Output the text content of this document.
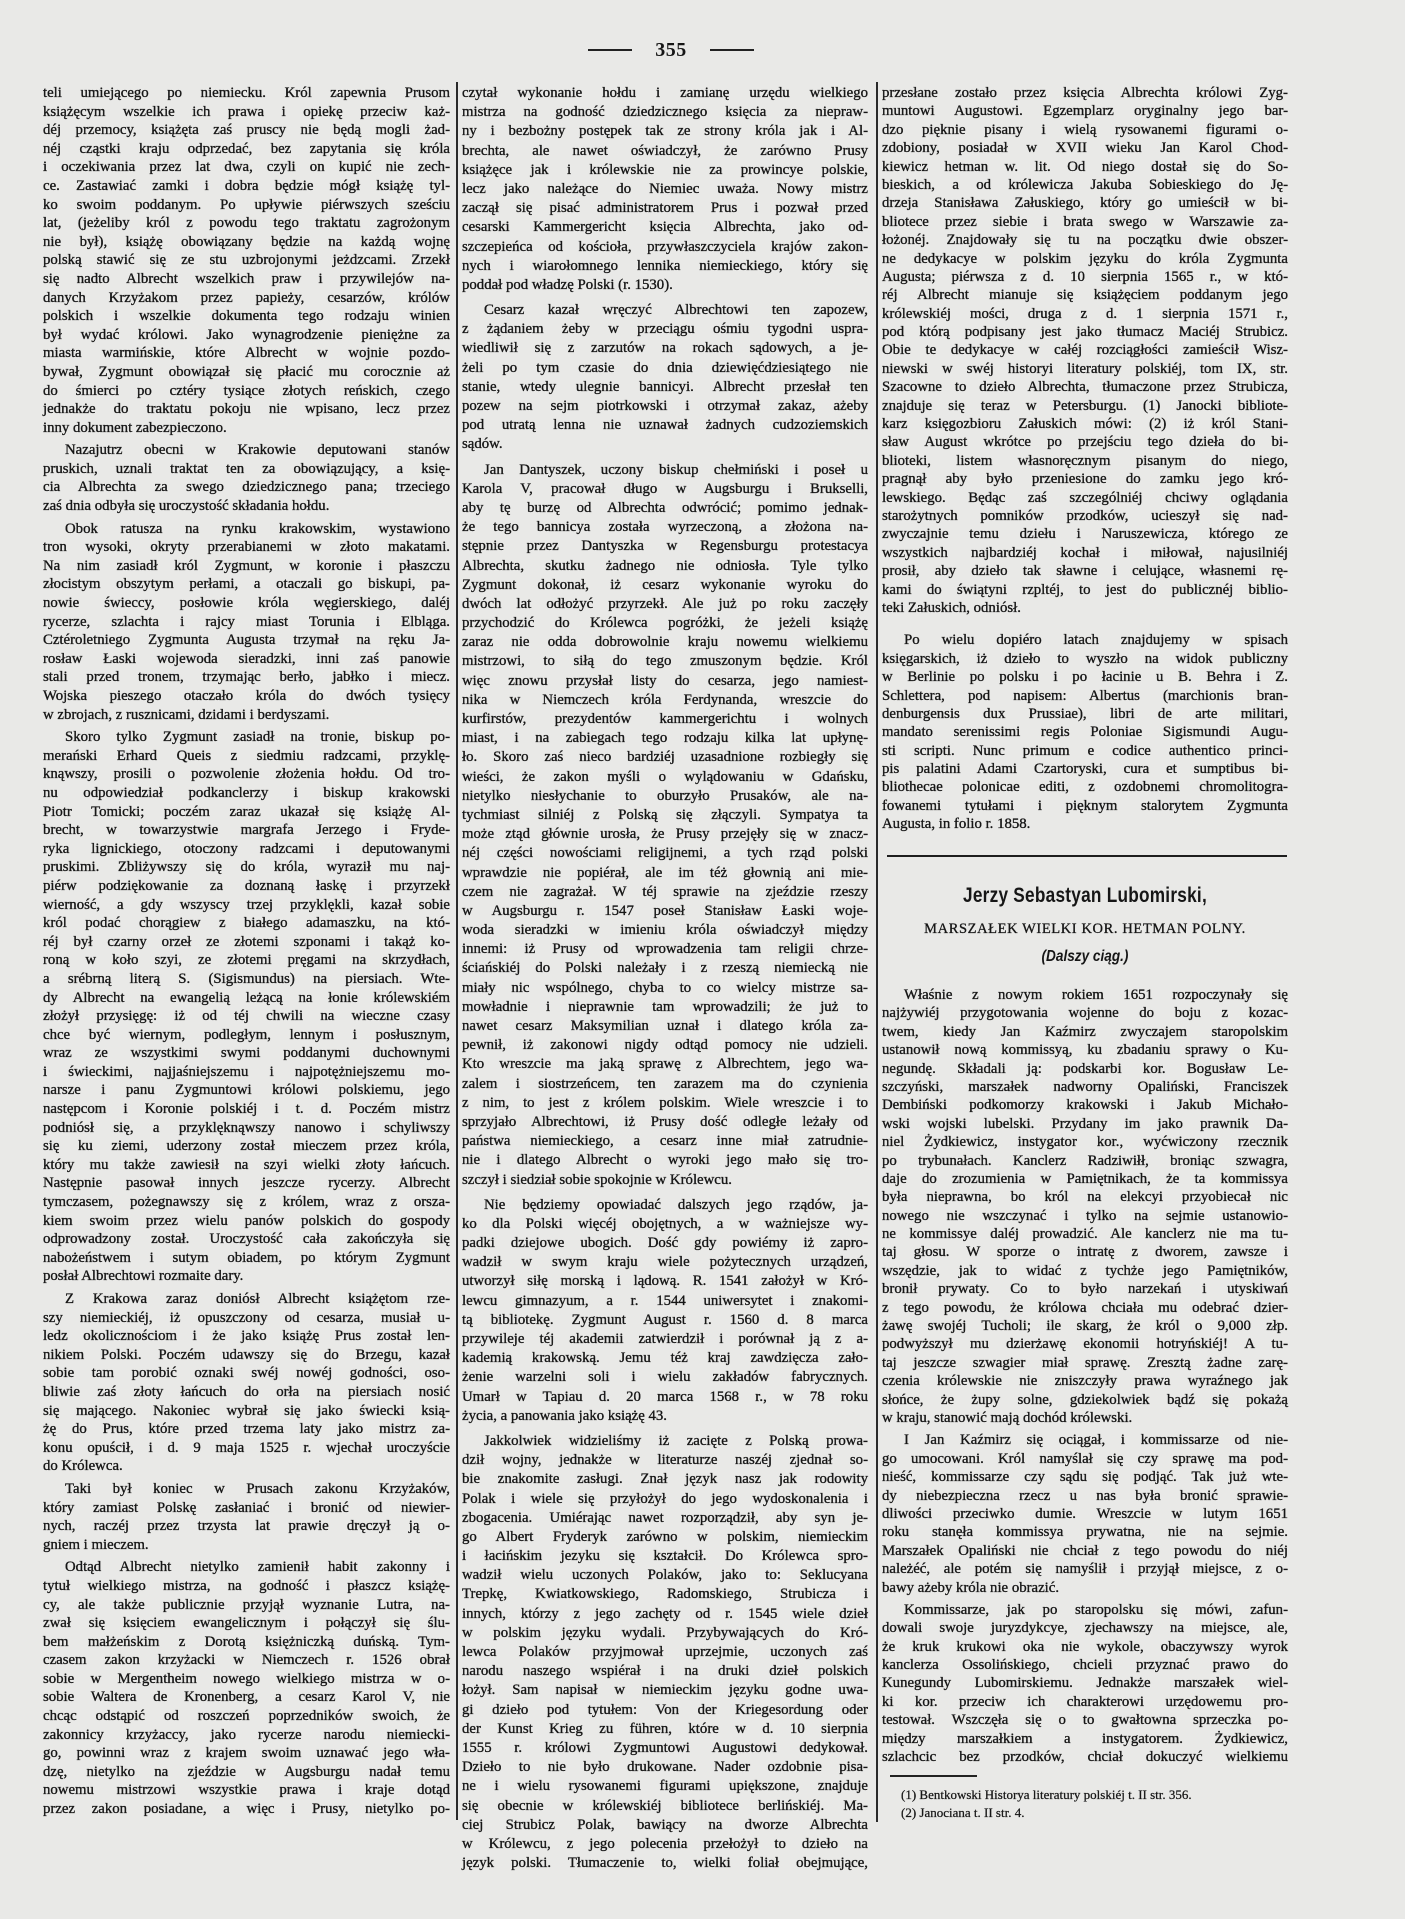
355
teli umiejącego po niemiecku. Król zapewnia Prusom
książęcym wszelkie ich prawa i opiekę przeciw każ-
déj przemocy, książęta zaś pruscy nie będą mogli żad-
néj cząstki kraju odprzedać, bez zapytania się króla
i oczekiwania przez lat dwa, czyli on kupić nie zech-
ce. Zastawiać zamki i dobra będzie mógł książę tyl-
ko swoim poddanym. Po upływie piérwszych sześciu
lat, (jeżeliby król z powodu tego traktatu zagrożonym
nie był), książę obowiązany będzie na każdą wojnę
polską stawić się ze stu uzbrojonymi jeżdzcami. Zrzekł
się nadto Albrecht wszelkich praw i przywilejów na-
danych Krzyżakom przez papieży, cesarzów, królów
polskich i wszelkie dokumenta tego rodzaju winien
był wydać królowi. Jako wynagrodzenie pieniężne za
miasta warmińskie, które Albrecht w wojnie pozdo-
bywał, Zygmunt obowiązał się płacić mu corocznie aż
do śmierci po cztéry tysiące złotych reńskich, czego
jednakże do traktatu pokoju nie wpisano, lecz przez
inny dokument zabezpieczono.
Nazajutrz obecni w Krakowie deputowani stanów
pruskich, uznali traktat ten za obowiązujący, a księ-
cia Albrechta za swego dziedzicznego pana; trzeciego
zaś dnia odbyła się uroczystość składania hołdu.
Obok ratusza na rynku krakowskim, wystawiono
tron wysoki, okryty przerabianemi w złoto makatami.
Na nim zasiadł król Zygmunt, w koronie i płaszczu
złocistym obszytym perłami, a otaczali go biskupi, pa-
nowie świeccy, posłowie króla węgierskiego, daléj
rycerze, szlachta i rajcy miast Torunia i Elbląga.
Cztéroletniego Zygmunta Augusta trzymał na ręku Ja-
rosław Łaski wojewoda sieradzki, inni zaś panowie
stali przed tronem, trzymając berło, jabłko i miecz.
Wojska pieszego otaczało króla do dwóch tysięcy
w zbrojach, z rusznicami, dzidami i berdyszami.
Skoro tylko Zygmunt zasiadł na tronie, biskup po-
merański Erhard Queis z siedmiu radzcami, przyklę-
knąwszy, prosili o pozwolenie złożenia hołdu. Od tro-
nu odpowiedział podkanclerzy i biskup krakowski
Piotr Tomicki; poczém zaraz ukazał się książę Al-
brecht, w towarzystwie margrafa Jerzego i Fryde-
ryka lignickiego, otoczony radzcami i deputowanymi
pruskimi. Zbliżywszy się do króla, wyraził mu naj-
piérw podziękowanie za doznaną łaskę i przyrzekł
wierność, a gdy wszyscy trzej przyklękli, kazał sobie
król podać chorągiew z białego adamaszku, na któ-
réj był czarny orzeł ze złotemi szponami i takąż ko-
roną w koło szyi, ze złotemi pręgami na skrzydłach,
a srébrną literą S. (Sigismundus) na piersiach. Wte-
dy Albrecht na ewangelią leżącą na łonie królewskiém
złożył przysięgę: iż od téj chwili na wieczne czasy
chce być wiernym, podległym, lennym i posłusznym,
wraz ze wszystkimi swymi poddanymi duchownymi
i świeckimi, najjaśniejszemu i najpotężniejszemu mo-
narsze i panu Zygmuntowi królowi polskiemu, jego
następcom i Koronie polskiéj i t. d. Poczém mistrz
podniósł się, a przyklęknąwszy nanowo i schyliwszy
się ku ziemi, uderzony został mieczem przez króla,
który mu także zawiesił na szyi wielki złoty łańcuch.
Następnie pasował innych jeszcze rycerzy. Albrecht
tymczasem, pożegnawszy się z królem, wraz z orsza-
kiem swoim przez wielu panów polskich do gospody
odprowadzony został. Uroczystość cała zakończyła się
nabożeństwem i sutym obiadem, po którym Zygmunt
posłał Albrechtowi rozmaite dary.
Z Krakowa zaraz doniósł Albrecht książętom rze-
szy niemieckiéj, iż opuszczony od cesarza, musiał u-
ledz okolicznościom i że jako książę Prus został len-
nikiem Polski. Poczém udawszy się do Brzegu, kazał
sobie tam porobić oznaki swéj nowéj godności, oso-
bliwie zaś złoty łańcuch do orła na piersiach nosić
się mającego. Nakoniec wybrał się jako świecki ksią-
żę do Prus, które przed trzema laty jako mistrz za-
konu opuścił, i d. 9 maja 1525 r. wjechał uroczyście
do Królewca.
Taki był koniec w Prusach zakonu Krzyżaków,
który zamiast Polskę zasłaniać i bronić od niewier-
nych, raczéj przez trzysta lat prawie dręczył ją o-
gniem i mieczem.
Odtąd Albrecht nietylko zamienił habit zakonny i
tytuł wielkiego mistrza, na godność i płaszcz książę-
cy, ale także publicznie przyjął wyznanie Lutra, na-
zwał się księciem ewangelicznym i połączył się ślu-
bem małżeńskim z Dorotą księżniczką duńską. Tym-
czasem zakon krzyżacki w Niemczech r. 1526 obrał
sobie w Mergentheim nowego wielkiego mistrza w o-
sobie Waltera de Kronenberg, a cesarz Karol V, nie
chcąc odstąpić od roszczeń poprzedników swoich, że
zakonnicy krzyżaccy, jako rycerze narodu niemiecki-
go, powinni wraz z krajem swoim uznawać jego wła-
dzę, nietylko na zjeździe w Augsburgu nadał temu
nowemu mistrzowi wszystkie prawa i kraje dotąd
przez zakon posiadane, a więc i Prusy, nietylko po-
czytał wykonanie hołdu i zamianę urzędu wielkiego
mistrza na godność dziedzicznego księcia za niepraw-
ny i bezbożny postępek tak ze strony króla jak i Al-
brechta, ale nawet oświadczył, że zarówno Prusy
książęce jak i królewskie nie za prowincye polskie,
lecz jako należące do Niemiec uważa. Nowy mistrz
zaczął się pisać administratorem Prus i pozwał przed
cesarski Kammergericht księcia Albrechta, jako od-
szczepieńca od kościoła, przywłaszczyciela krajów zakon-
nych i wiarołomnego lennika niemieckiego, który się
poddał pod władzę Polski (r. 1530).
Cesarz kazał wręczyć Albrechtowi ten zapozew,
z żądaniem żeby w przeciągu ośmiu tygodni uspra-
wiedliwił się z zarzutów na rokach sądowych, a je-
żeli po tym czasie do dnia dziewięćdziesiątego nie
stanie, wtedy ulegnie bannicyi. Albrecht przesłał ten
pozew na sejm piotrkowski i otrzymał zakaz, ażeby
pod utratą lenna nie uznawał żadnych cudzoziemskich
sądów.
Jan Dantyszek, uczony biskup chełmiński i poseł u
Karola V, pracował długo w Augsburgu i Brukselli,
aby tę burzę od Albrechta odwrócić; pomimo jednak-
że tego bannicya została wyrzeczoną, a złożona na-
stępnie przez Dantyszka w Regensburgu protestacya
Albrechta, skutku żadnego nie odniosła. Tyle tylko
Zygmunt dokonał, iż cesarz wykonanie wyroku do
dwóch lat odłożyć przyrzekł. Ale już po roku zaczęły
przychodzić do Królewca pogróżki, że jeżeli książę
zaraz nie odda dobrowolnie kraju nowemu wielkiemu
mistrzowi, to siłą do tego zmuszonym będzie. Król
więc znowu przysłał listy do cesarza, jego namiest-
nika w Niemczech króla Ferdynanda, wreszcie do
kurfirstów, prezydentów kammergerichtu i wolnych
miast, i na zabiegach tego rodzaju kilka lat upłynę-
ło. Skoro zaś nieco bardziéj uzasadnione rozbiegły się
wieści, że zakon myśli o wylądowaniu w Gdańsku,
nietylko niesłychanie to oburzyło Prusaków, ale na-
tychmiast silniéj z Polską się złączyli. Sympatya ta
może ztąd głównie urosła, że Prusy przejęły się w znacz-
néj części nowościami religijnemi, a tych rząd polski
wprawdzie nie popiérał, ale im téż głownią ani mie-
czem nie zagrażał. W téj sprawie na zjeździe rzeszy
w Augsburgu r. 1547 poseł Stanisław Łaski woje-
woda sieradzki w imieniu króla oświadczył między
innemi: iż Prusy od wprowadzenia tam religii chrze-
ściańskiéj do Polski należały i z rzeszą niemiecką nie
miały nic wspólnego, chyba to co wielcy mistrze sa-
mowładnie i nieprawnie tam wprowadzili; że już to
nawet cesarz Maksymilian uznał i dlatego króla za-
pewnił, iż zakonowi nigdy odtąd pomocy nie udzieli.
Kto wreszcie ma jaką sprawę z Albrechtem, jego wa-
zalem i siostrzeńcem, ten zarazem ma do czynienia
z nim, to jest z królem polskim. Wiele wreszcie i to
sprzyjało Albrechtowi, iż Prusy dość odległe leżały od
państwa niemieckiego, a cesarz inne miał zatrudnie-
nie i dlatego Albrecht o wyroki jego mało się tro-
szczył i siedział sobie spokojnie w Królewcu.
Nie będziemy opowiadać dalszych jego rządów, ja-
ko dla Polski więcéj obojętnych, a w ważniejsze wy-
padki dziejowe ubogich. Dość gdy powiémy iż zapro-
wadził w swym kraju wiele pożytecznych urządzeń,
utworzył siłę morską i lądową. R. 1541 założył w Kró-
lewcu gimnazyum, a r. 1544 uniwersytet i znakomi-
tą bibliotekę. Zygmunt August r. 1560 d. 8 marca
przywileje téj akademii zatwierdził i porównał ją z a-
kademią krakowską. Jemu téż kraj zawdzięcza zało-
żenie warzelni soli i wielu zakładów fabrycznych.
Umarł w Tapiau d. 20 marca 1568 r., w 78 roku
życia, a panowania jako książę 43.
Jakkolwiek widzieliśmy iż zacięte z Polską prowa-
dził wojny, jednakże w literaturze naszéj zjednał so-
bie znakomite zasługi. Znał język nasz jak rodowity
Polak i wiele się przyłożył do jego wydoskonalenia i
zbogacenia. Umiérając nawet rozporządził, aby syn je-
go Albert Fryderyk zarówno w polskim, niemieckim
i łacińskim jezyku się kształcił. Do Królewca spro-
wadził wielu uczonych Polaków, jako to: Seklucyana
Trepkę, Kwiatkowskiego, Radomskiego, Strubicza i
innych, którzy z jego zachęty od r. 1545 wiele dzieł
w polskim języku wydali. Przybywających do Kró-
lewca Polaków przyjmował uprzejmie, uczonych zaś
narodu naszego wspiérał i na druki dzieł polskich
łożył. Sam napisał w niemieckim języku godne uwa-
gi dzieło pod tytułem: Von der Kriegesordung oder
der Kunst Krieg zu führen, które w d. 10 sierpnia
1555 r. królowi Zygmuntowi Augustowi dedykował.
Dzieło to nie było drukowane. Nader ozdobnie pisa-
ne i wielu rysowanemi figurami upiększone, znajduje
się obecnie w królewskiéj bibliotece berlińskiéj. Ma-
ciej Strubicz Polak, bawiący na dworze Albrechta
w Królewcu, z jego polecenia przełożył to dzieło na
język polski. Tłumaczenie to, wielki foliał obejmujące,
przesłane zostało przez księcia Albrechta królowi Zyg-
muntowi Augustowi. Egzemplarz oryginalny jego bar-
dzo pięknie pisany i wielą rysowanemi figurami o-
zdobiony, posiadał w XVII wieku Jan Karol Chod-
kiewicz hetman w. lit. Od niego dostał się do So-
bieskich, a od królewicza Jakuba Sobieskiego do Ję-
drzeja Stanisława Załuskiego, który go umieścił w bi-
bliotece przez siebie i brata swego w Warszawie za-
łożonéj. Znajdowały się tu na początku dwie obszer-
ne dedykacye w polskim języku do króla Zygmunta
Augusta; piérwsza z d. 10 sierpnia 1565 r., w któ-
réj Albrecht mianuje się książęciem poddanym jego
królewskiéj mości, druga z d. 1 sierpnia 1571 r.,
pod którą podpisany jest jako tłumacz Maciéj Strubicz.
Obie te dedykacye w całéj rozciągłości zamieścił Wisz-
niewski w swéj historyi literatury polskiéj, tom IX, str.
Szacowne to dzieło Albrechta, tłumaczone przez Strubicza,
znajduje się teraz w Petersburgu. (1) Janocki bibliote-
karz księgozbioru Załuskich mówi: (2) iż król Stani-
sław August wkrótce po przejściu tego dzieła do bi-
blioteki, listem własnoręcznym pisanym do niego,
pragnął aby było przeniesione do zamku jego kró-
lewskiego. Będąc zaś szczególniéj chciwy oglądania
starożytnych pomników przodków, ucieszył się nad-
zwyczajnie temu dziełu i Naruszewicza, którego ze
wszystkich najbardziéj kochał i miłował, najusilniéj
prosił, aby dzieło tak sławne i celujące, własnemi rę-
kami do świątyni rzpltéj, to jest do publicznéj biblio-
teki Załuskich, odniósł.
Po wielu dopiéro latach znajdujemy w spisach
księgarskich, iż dzieło to wyszło na widok publiczny
w Berlinie po polsku i po łacinie u B. Behra i Z.
Schlettera, pod napisem: Albertus (marchionis bran-
denburgensis dux Prussiae), libri de arte militari,
mandato serenissimi regis Poloniae Sigismundi Augu-
sti scripti. Nunc primum e codice authentico princi-
pis palatini Adami Czartoryski, cura et sumptibus bi-
bliothecae polonicae editi, z ozdobnemi chromolitogra-
fowanemi tytułami i pięknym stalorytem Zygmunta
Augusta, in folio r. 1858.
Jerzy Sebastyan Lubomirski,
MARSZAŁEK WIELKI KOR. HETMAN POLNY.
(Dalszy ciąg.)
Właśnie z nowym rokiem 1651 rozpoczynały się
najżywiéj przygotowania wojenne do boju z kozac-
twem, kiedy Jan Kaźmirz zwyczajem staropolskim
ustanowił nową kommissyą, ku zbadaniu sprawy o Ku-
negundę. Składali ją: podskarbi kor. Bogusław Le-
szczyński, marszałek nadworny Opaliński, Franciszek
Dembiński podkomorzy krakowski i Jakub Michało-
wski wojski lubelski. Przydany im jako prawnik Da-
niel Żydkiewicz, instygator kor., wyćwiczony rzecznik
po trybunałach. Kanclerz Radziwiłł, broniąc szwagra,
daje do zrozumienia w Pamiętnikach, że ta kommissya
była nieprawna, bo król na elekcyi przyobiecał nic
nowego nie wszczynać i tylko na sejmie ustanowio-
ne kommissye daléj prowadzić. Ale kanclerz nie ma tu-
taj głosu. W sporze o intratę z dworem, zawsze i
wszędzie, jak to widać z tychże jego Pamiętników,
bronił prywaty. Co to było narzekań i utyskiwań
z tego powodu, że królowa chciała mu odebrać dzier-
żawę swojéj Tucholi; ile skarg, że król o 9,000 złp.
podwyższył mu dzierżawę ekonomii hotryńskiéj! A tu-
taj jeszcze szwagier miał sprawę. Zresztą żadne zarę-
czenia królewskie nie zniszczyły prawa wyraźnego jak
słońce, że żupy solne, gdziekolwiek bądź się pokażą
w kraju, stanowić mają dochód królewski.
I Jan Kaźmirz się ociągał, i kommissarze od nie-
go umocowani. Król namyślał się czy sprawę ma pod-
nieść, kommissarze czy sądu się podjąć. Tak już wte-
dy niebezpieczna rzecz u nas była bronić sprawie-
dliwości przeciwko dumie. Wreszcie w lutym 1651
roku stanęła kommissya prywatna, nie na sejmie.
Marszałek Opaliński nie chciał z tego powodu do niéj
należéć, ale potém się namyślił i przyjął miejsce, z o-
bawy ażeby króla nie obrazić.
Kommissarze, jak po staropolsku się mówi, zafun-
dowali swoje juryzdykcye, zjechawszy na miejsce, ale,
że kruk krukowi oka nie wykole, obaczywszy wyrok
kanclerza Ossolińskiego, chcieli przyznać prawo do
Kunegundy Lubomirskiemu. Jednakże marszałek wiel-
ki kor. przeciw ich charakterowi urzędowemu pro-
testował. Wszczęła się o to gwałtowna sprzeczka po-
między marszałkiem a instygatorem. Żydkiewicz,
szlachcic bez przodków, chciał dokuczyć wielkiemu
(1) Bentkowski Historya literatury polskiéj t. II str. 356.
(2) Janociana t. II str. 4.
